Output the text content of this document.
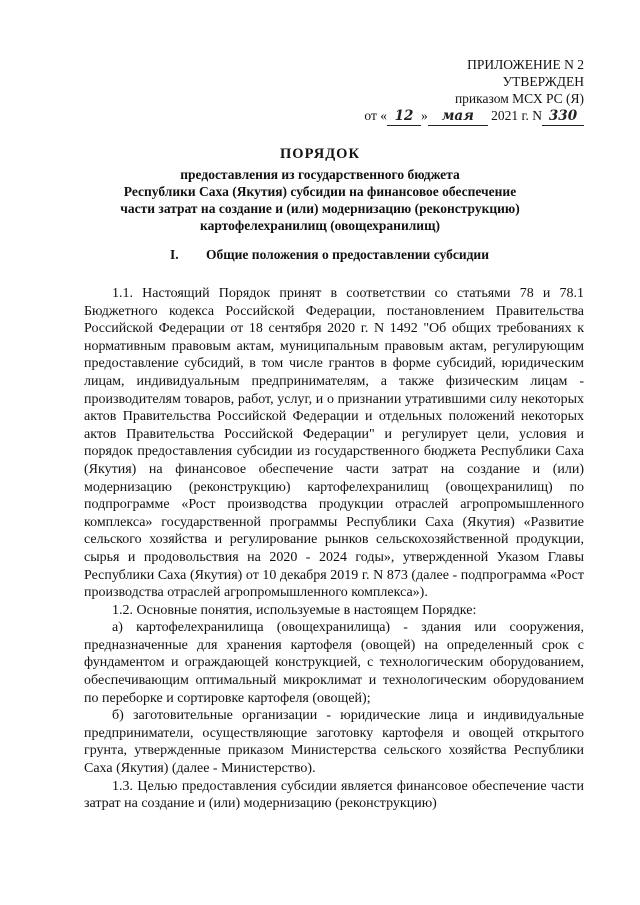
ПРИЛОЖЕНИЕ N 2
УТВЕРЖДЕН
приказом МСХ РС (Я)
от « 12 » мая 2021 г. N 330

ПОРЯДОК

предоставления из государственного бюджета

Республики Саха (Якутия) субсидии на финансовое обеспечение

части затрат на создание и (или) модернизацию (реконструкцию)

картофелехранилищ (овощехранилищ)

I. Общие положения о предоставлении субсидии

1.1. Настоящий Порядок принят в соответствии со статьями 78 и 78.1 Бюджетного кодекса Российской Федерации, постановлением Правительства Российской Федерации от 18 сентября 2020 г. N 1492 "Об общих требованиях к нормативным правовым актам, муниципальным правовым актам, регулирующим предоставление субсидий, в том числе грантов в форме субсидий, юридическим лицам, индивидуальным предпринимателям, а также физическим лицам - производителям товаров, работ, услуг, и о признании утратившими силу некоторых актов Правительства Российской Федерации и отдельных положений некоторых актов Правительства Российской Федерации" и регулирует цели, условия и порядок предоставления субсидии из государственного бюджета Республики Саха (Якутия) на финансовое обеспечение части затрат на создание и (или) модернизацию (реконструкцию) картофелехранилищ (овощехранилищ) по подпрограмме «Рост производства продукции отраслей агропромышленного комплекса» государственной программы Республики Саха (Якутия) «Развитие сельского хозяйства и регулирование рынков сельскохозяйственной продукции, сырья и продовольствия на 2020 - 2024 годы», утвержденной Указом Главы Республики Саха (Якутия) от 10 декабря 2019 г. N 873 (далее - подпрограмма «Рост производства отраслей агропромышленного комплекса»).

1.2. Основные понятия, используемые в настоящем Порядке:

а) картофелехранилища (овощехранилища) - здания или сооружения, предназначенные для хранения картофеля (овощей) на определенный срок с фундаментом и ограждающей конструкцией, с технологическим оборудованием, обеспечивающим оптимальный микроклимат и технологическим оборудованием по переборке и сортировке картофеля (овощей);

б) заготовительные организации - юридические лица и индивидуальные предприниматели, осуществляющие заготовку картофеля и овощей открытого грунта, утвержденные приказом Министерства сельского хозяйства Республики Саха (Якутия) (далее - Министерство).

1.3. Целью предоставления субсидии является финансовое обеспечение части затрат на создание и (или) модернизацию (реконструкцию)
